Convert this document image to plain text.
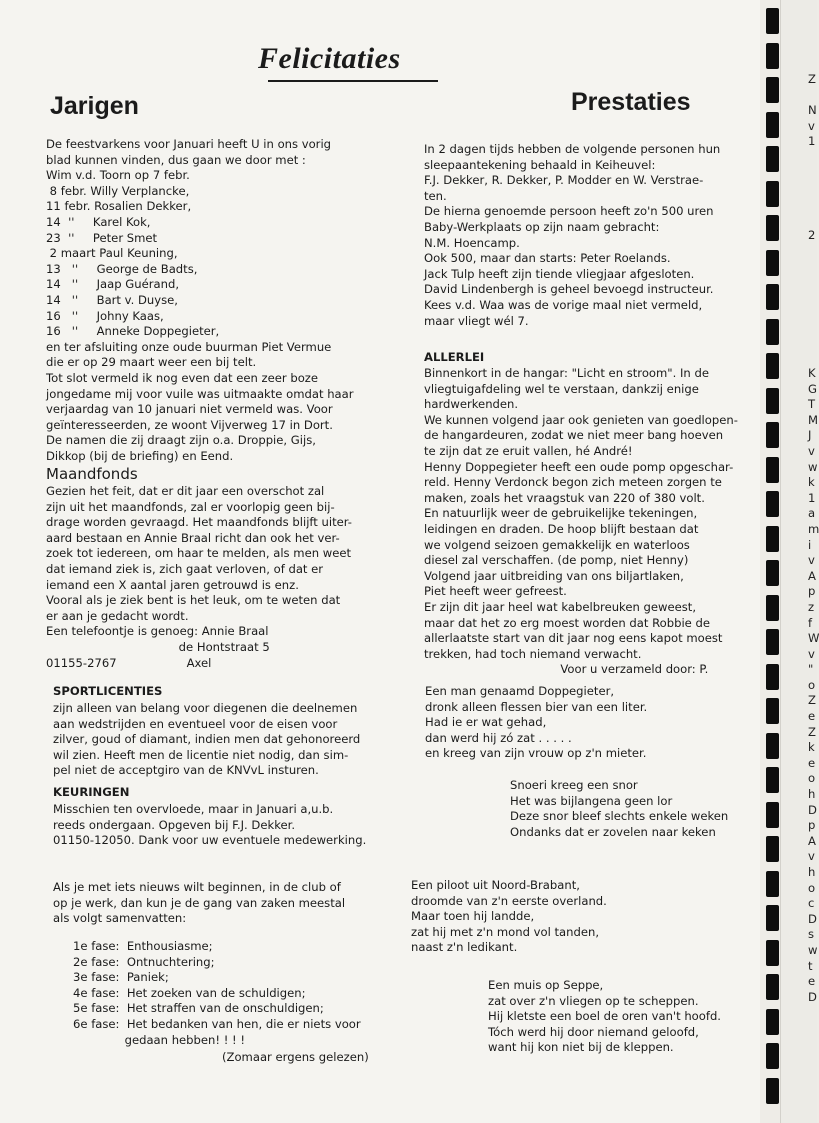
Felicitaties
Jarigen
De feestvarkens voor Januari heeft U in ons vorig
blad kunnen vinden, dus gaan we door met :
Wim v.d. Toorn op 7 febr.
8 febr. Willy Verplancke,
11 febr. Rosalien Dekker,
14  ''     Karel Kok,
23  ''     Peter Smet
2 maart Paul Keuning,
13   ''     George de Badts,
14   ''     Jaap Guérand,
14   ''     Bart v. Duyse,
16   ''     Johny Kaas,
16   ''     Anneke Doppegieter,
en ter afsluiting onze oude buurman Piet Vermue
die er op 29 maart weer een bij telt.
Tot slot vermeld ik nog even dat een zeer boze
jongedame mij voor vuile was uitmaakte omdat haar
verjaardag van 10 januari niet vermeld was. Voor
geïnteresseerden, ze woont Vijverweg 17 in Dort.
De namen die zij draagt zijn o.a. Droppie, Gijs,
Dikkop (bij de briefing) en Eend.
Maandfonds
Gezien het feit, dat er dit jaar een overschot zal
zijn uit het maandfonds, zal er voorlopig geen bij-
drage worden gevraagd. Het maandfonds blijft uiter-
aard bestaan en Annie Braal richt dan ook het ver-
zoek tot iedereen, om haar te melden, als men weet
dat iemand ziek is, zich gaat verloven, of dat er
iemand een X aantal jaren getrouwd is enz.
Vooral als je ziek bent is het leuk, om te weten dat
er aan je gedacht wordt.
Een telefoontje is genoeg: Annie Braal
de Hontstraat 5
01155-2767                   Axel
SPORTLICENTIES
zijn alleen van belang voor diegenen die deelnemen
aan wedstrijden en eventueel voor de eisen voor
zilver, goud of diamant, indien men dat gehonoreerd
wil zien. Heeft men de licentie niet nodig, dan sim-
pel niet de acceptgiro van de KNVvL insturen.
KEURINGEN
Misschien ten overvloede, maar in Januari a,u.b.
reeds ondergaan. Opgeven bij F.J. Dekker.
01150-12050. Dank voor uw eventuele medewerking.
Als je met iets nieuws wilt beginnen, in de club of
op je werk, dan kun je de gang van zaken meestal
als volgt samenvatten:
1e fase:  Enthousiasme;
2e fase:  Ontnuchtering;
3e fase:  Paniek;
4e fase:  Het zoeken van de schuldigen;
5e fase:  Het straffen van de onschuldigen;
6e fase:  Het bedanken van hen, die er niets voor
gedaan hebben! ! ! !
(Zomaar ergens gelezen)
Prestaties
In 2 dagen tijds hebben de volgende personen hun
sleepaantekening behaald in Keiheuvel:
F.J. Dekker, R. Dekker, P. Modder en W. Verstrae-
ten.
De hierna genoemde persoon heeft zo'n 500 uren
Baby-Werkplaats op zijn naam gebracht:
N.M. Hoencamp.
Ook 500, maar dan starts: Peter Roelands.
Jack Tulp heeft zijn tiende vliegjaar afgesloten.
David Lindenbergh is geheel bevoegd instructeur.
Kees v.d. Waa was de vorige maal niet vermeld,
maar vliegt wél 7.
ALLERLEI
Binnenkort in de hangar: "Licht en stroom". In de
vliegtuigafdeling wel te verstaan, dankzij enige
hardwerkenden.
We kunnen volgend jaar ook genieten van goedlopen-
de hangardeuren, zodat we niet meer bang hoeven
te zijn dat ze eruit vallen, hé André!
Henny Doppegieter heeft een oude pomp opgeschar-
reld. Henny Verdonck begon zich meteen zorgen te
maken, zoals het vraagstuk van 220 of 380 volt.
En natuurlijk weer de gebruikelijke tekeningen,
leidingen en draden. De hoop blijft bestaan dat
we volgend seizoen gemakkelijk en waterloos
diesel zal verschaffen. (de pomp, niet Henny)
Volgend jaar uitbreiding van ons biljartlaken,
Piet heeft weer gefreest.
Er zijn dit jaar heel wat kabelbreuken geweest,
maar dat het zo erg moest worden dat Robbie de
allerlaatste start van dit jaar nog eens kapot moest
trekken, had toch niemand verwacht.
Voor u verzameld door: P.
Een man genaamd Doppegieter,
dronk alleen flessen bier van een liter.
Had ie er wat gehad,
dan werd hij zó zat . . . . .
en kreeg van zijn vrouw op z'n mieter.
Snoeri kreeg een snor
Het was bijlangena geen lor
Deze snor bleef slechts enkele weken
Ondanks dat er zovelen naar keken
Een piloot uit Noord-Brabant,
droomde van z'n eerste overland.
Maar toen hij landde,
zat hij met z'n mond vol tanden,
naast z'n ledikant.
Een muis op Seppe,
zat over z'n vliegen op te scheppen.
Hij kletste een boel de oren van't hoofd.
Tóch werd hij door niemand geloofd,
want hij kon niet bij de kleppen.
Z

N
v
1

2
K
G
T
M
J
v
w
k
1
a
m
i
v
A
p
z
f
W
v
"
o
Z
e
Z
k
e
o
h
D
p
A
v
h
o
c
D
s
w
t
e
D
